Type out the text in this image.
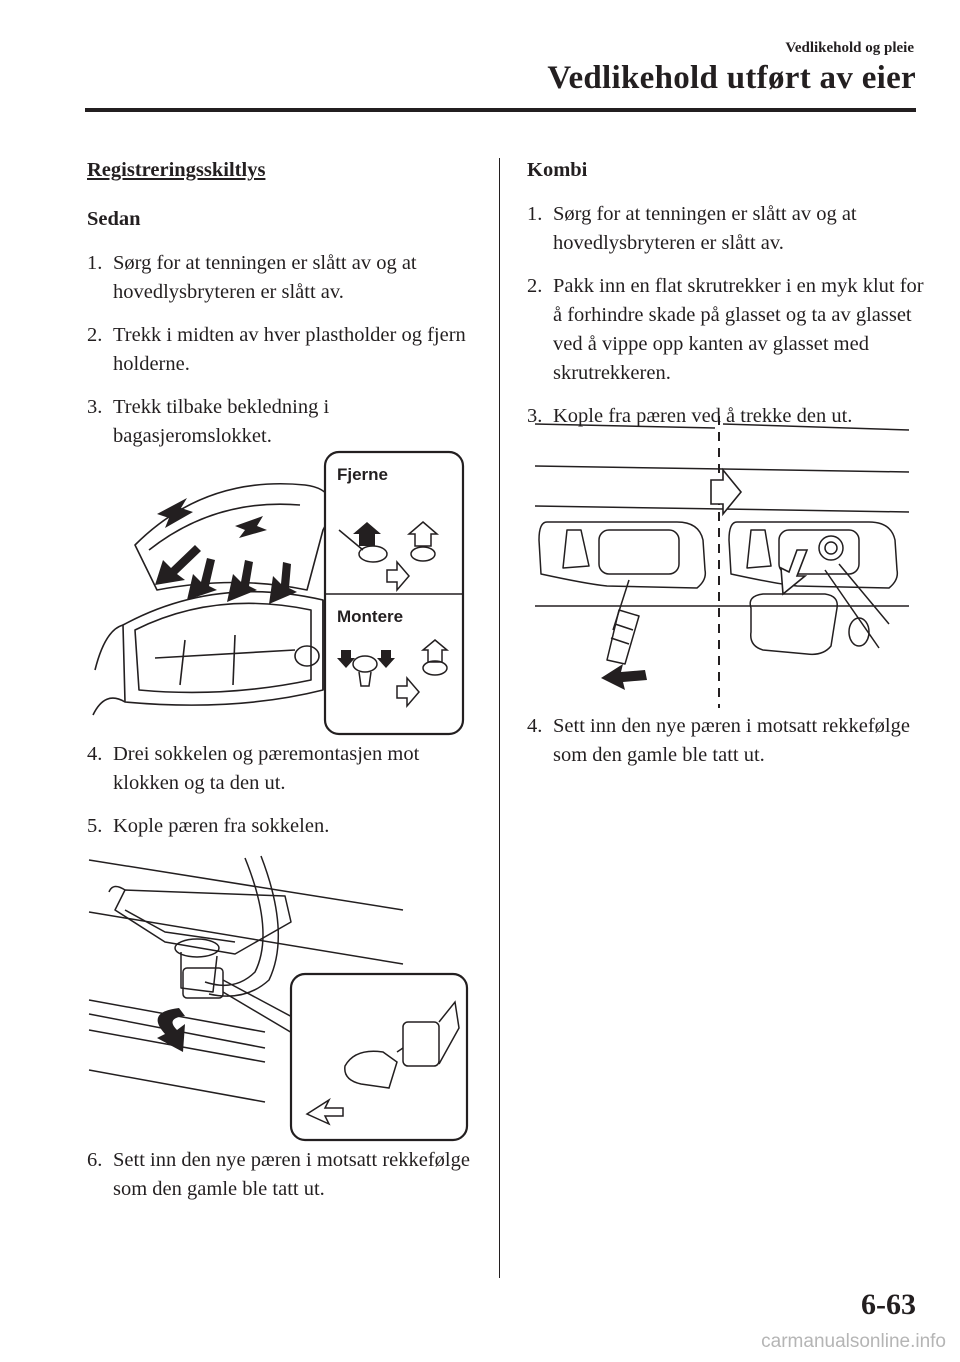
Vedlikehold og pleie
Vedlikehold utført av eier
Registreringsskiltlys
Sedan
1. Sørg for at tenningen er slått av og at hovedlysbryteren er slått av.
2. Trekk i midten av hver plastholder og fjern holderne.
3. Trekk tilbake bekledning i bagasjeromslokket.
Fjerne
Montere
4. Drei sokkelen og pæremontasjen mot klokken og ta den ut.
5. Kople pæren fra sokkelen.
6. Sett inn den nye pæren i motsatt rekkefølge som den gamle ble tatt ut.
Kombi
1. Sørg for at tenningen er slått av og at hovedlysbryteren er slått av.
2. Pakk inn en flat skrutrekker i en myk klut for å forhindre skade på glasset og ta av glasset ved å vippe opp kanten av glasset med skrutrekkeren.
3. Kople fra pæren ved å trekke den ut.
4. Sett inn den nye pæren i motsatt rekkefølge som den gamle ble tatt ut.
6-63
carmanualsonline.info
